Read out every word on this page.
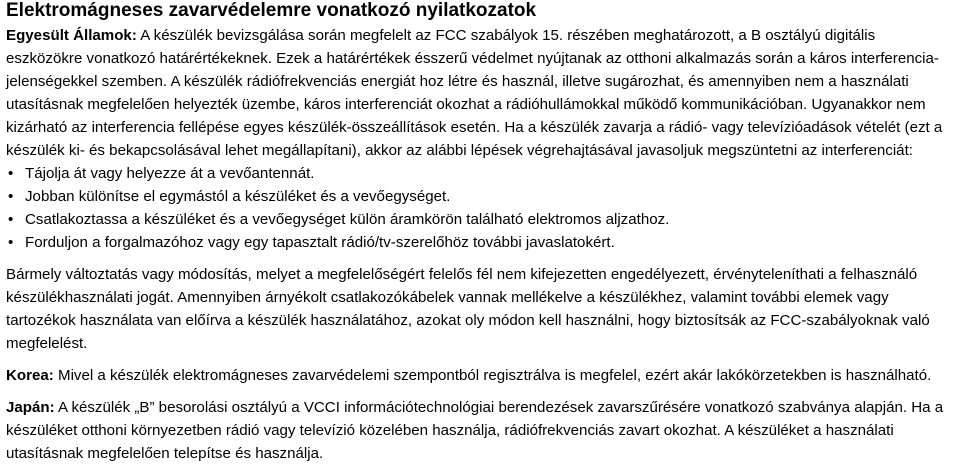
Elektromágneses zavarvédelemre vonatkozó nyilatkozatok

Egyesült Államok: A készülék bevizsgálása során megfelelt az FCC szabályok 15. részében meghatározott, a B osztályú digitális eszközökre vonatkozó határértékeknek. Ezek a határértékek ésszerű védelmet nyújtanak az otthoni alkalmazás során a káros interferencia-jelenségekkel szemben. A készülék rádiófrekvenciás energiát hoz létre és használ, illetve sugározhat, és amennyiben nem a használati utasításnak megfelelően helyezték üzembe, káros interferenciát okozhat a rádióhullámokkal működő kommunikációban. Ugyanakkor nem kizárható az interferencia fellépése egyes készülék-összeállítások esetén. Ha a készülék zavarja a rádió- vagy televízióadások vételét (ezt a készülék ki- és bekapcsolásával lehet megállapítani), akkor az alábbi lépések végrehajtásával javasoljuk megszüntetni az interferenciát:

• Tájolja át vagy helyezze át a vevőantennát.
• Jobban különítse el egymástól a készüléket és a vevőegységet.
• Csatlakoztassa a készüléket és a vevőegységet külön áramkörön található elektromos aljzathoz.
• Forduljon a forgalmazóhoz vagy egy tapasztalt rádió/tv-szerelőhöz további javaslatokért.

Bármely változtatás vagy módosítás, melyet a megfelelőségért felelős fél nem kifejezetten engedélyezett, érvényteleníthati a felhasználó készülékhasználati jogát. Amennyiben árnyékolt csatlakozókábelek vannak mellékelve a készülékhez, valamint további elemek vagy tartozékok használata van előírva a készülék használatához, azokat oly módon kell használni, hogy biztosítsák az FCC-szabályoknak való megfelelést.

Korea: Mivel a készülék elektromágneses zavarvédelemi szempontból regisztrálva is megfelel, ezért akár lakókörzetekben is használható.

Japán: A készülék „B” besorolási osztályú a VCCI információtechnológiai berendezések zavarszűrésére vonatkozó szabványa alapján. Ha a készüléket otthoni környezetben rádió vagy televízió közelében használja, rádiófrekvenciás zavart okozhat. A készüléket a használati utasításnak megfelelően telepítse és használja.
